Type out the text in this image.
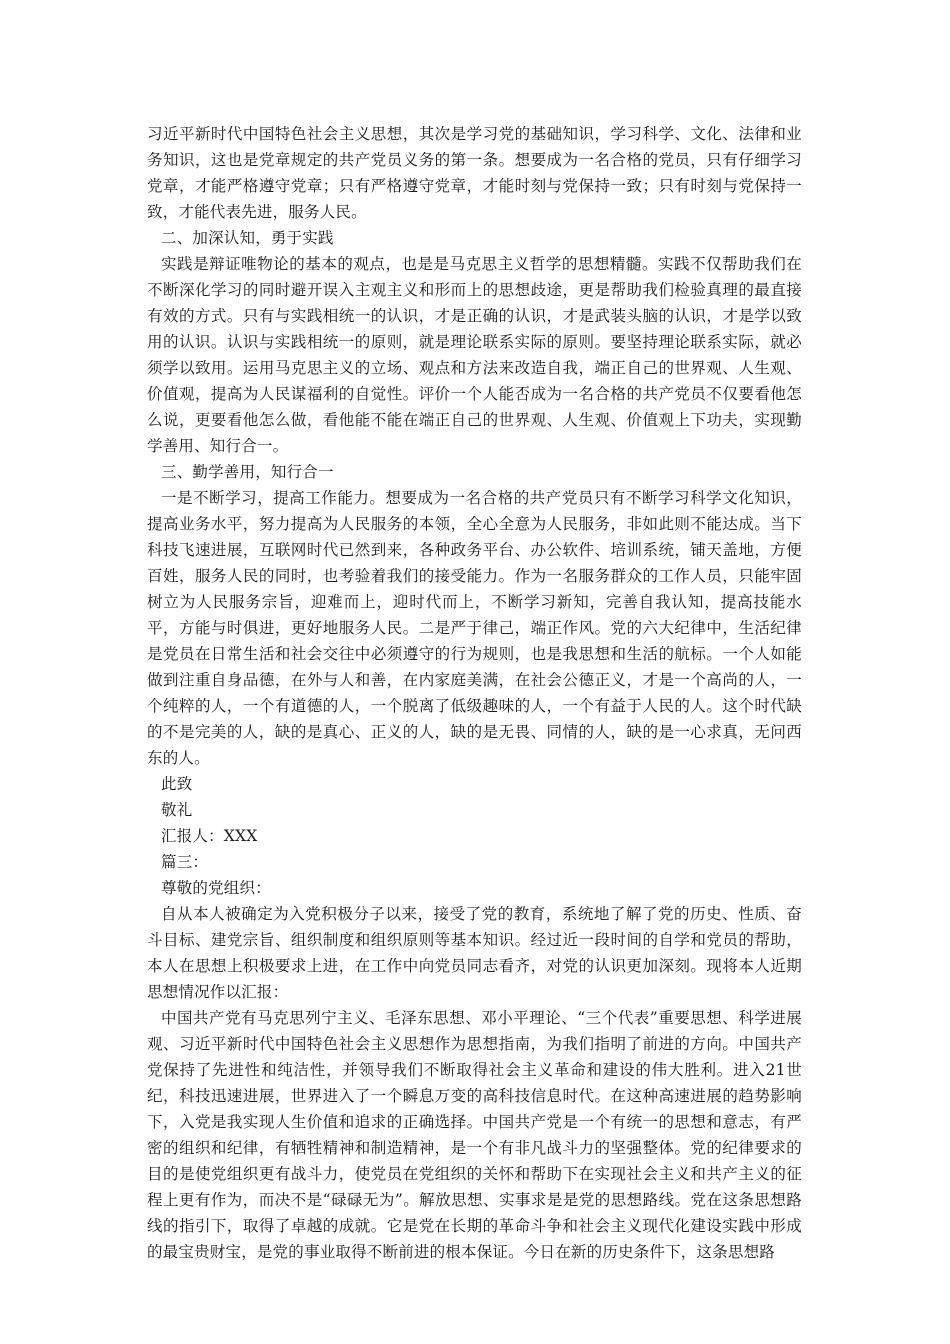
习近平新时代中国特色社会主义思想，其次是学习党的基础知识，学习科学、文化、法律和业务知识，这也是党章规定的共产党员义务的第一条。想要成为一名合格的党员，只有仔细学习党章，才能严格遵守党章；只有严格遵守党章，才能时刻与党保持一致；只有时刻与党保持一致，才能代表先进，服务人民。

二、加深认知，勇于实践

实践是辩证唯物论的基本的观点，也是是马克思主义哲学的思想精髓。实践不仅帮助我们在不断深化学习的同时避开误入主观主义和形而上的思想歧途，更是帮助我们检验真理的最直接有效的方式。只有与实践相统一的认识，才是正确的认识，才是武装头脑的认识，才是学以致用的认识。认识与实践相统一的原则，就是理论联系实际的原则。要坚持理论联系实际，就必须学以致用。运用马克思主义的立场、观点和方法来改造自我，端正自己的世界观、人生观、价值观，提高为人民谋福利的自觉性。评价一个人能否成为一名合格的共产党员不仅要看他怎么说，更要看他怎么做，看他能不能在端正自己的世界观、人生观、价值观上下功夫，实现勤学善用、知行合一。

三、勤学善用，知行合一

一是不断学习，提高工作能力。想要成为一名合格的共产党员只有不断学习科学文化知识，提高业务水平，努力提高为人民服务的本领，全心全意为人民服务，非如此则不能达成。当下科技飞速进展，互联网时代已然到来，各种政务平台、办公软件、培训系统，铺天盖地，方便百姓，服务人民的同时，也考验着我们的接受能力。作为一名服务群众的工作人员，只能牢固树立为人民服务宗旨，迎难而上，迎时代而上，不断学习新知，完善自我认知，提高技能水平，方能与时俱进，更好地服务人民。二是严于律己，端正作风。党的六大纪律中，生活纪律是党员在日常生活和社会交往中必须遵守的行为规则，也是我思想和生活的航标。一个人如能做到注重自身品德，在外与人和善，在内家庭美满，在社会公德正义，才是一个高尚的人，一个纯粹的人，一个有道德的人，一个脱离了低级趣味的人，一个有益于人民的人。这个时代缺的不是完美的人，缺的是真心、正义的人，缺的是无畏、同情的人，缺的是一心求真，无问西东的人。

此致

敬礼

汇报人：XXX

篇三：

尊敬的党组织：

自从本人被确定为入党积极分子以来，接受了党的教育，系统地了解了党的历史、性质、奋斗目标、建党宗旨、组织制度和组织原则等基本知识。经过近一段时间的自学和党员的帮助，本人在思想上积极要求上进，在工作中向党员同志看齐，对党的认识更加深刻。现将本人近期思想情况作以汇报：

中国共产党有马克思列宁主义、毛泽东思想、邓小平理论、“三个代表”重要思想、科学进展观、习近平新时代中国特色社会主义思想作为思想指南，为我们指明了前进的方向。中国共产党保持了先进性和纯洁性，并领导我们不断取得社会主义革命和建设的伟大胜利。进入21世纪，科技迅速进展，世界进入了一个瞬息万变的高科技信息时代。在这种高速进展的趋势影响下，入党是我实现人生价值和追求的正确选择。中国共产党是一个有统一的思想和意志，有严密的组织和纪律，有牺牲精神和制造精神，是一个有非凡战斗力的坚强整体。党的纪律要求的目的是使党组织更有战斗力，使党员在党组织的关怀和帮助下在实现社会主义和共产主义的征程上更有作为，而决不是“碌碌无为”。解放思想、实事求是是党的思想路线。党在这条思想路线的指引下，取得了卓越的成就。它是党在长期的革命斗争和社会主义现代化建设实践中形成的最宝贵财宝，是党的事业取得不断前进的根本保证。今日在新的历史条件下，这条思想路
